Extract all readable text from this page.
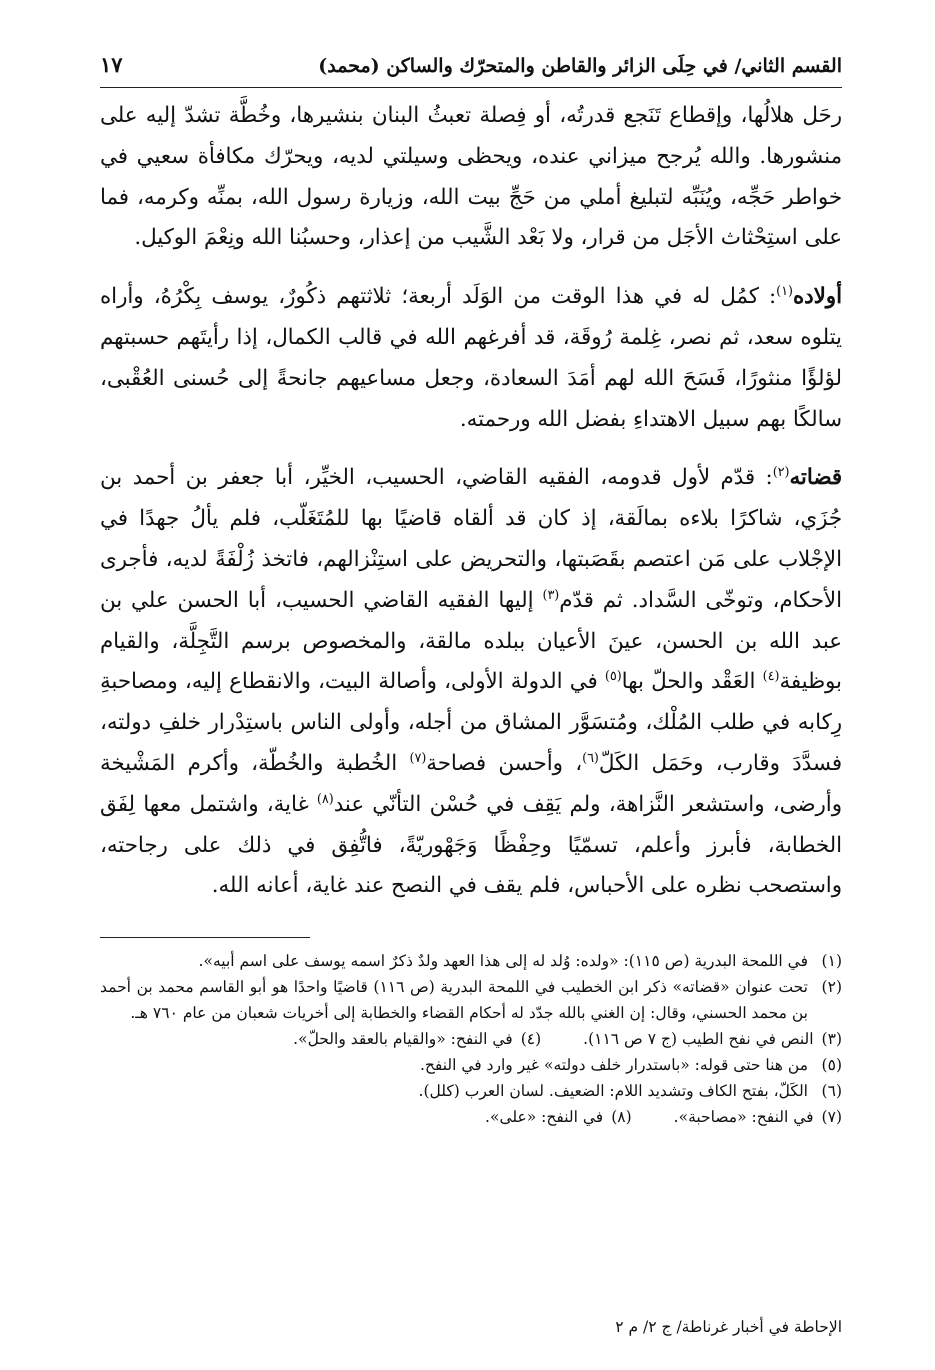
القسم الثاني/ في حِلَى الزائر والقاطن والمتحرّك والساكن (محمد)
١٧

رحَل هلالُها، وإقطاع تَنَجع قدرتُه، أو فِصلة تعبثُ البنان بنشيرها، وخُطَّة تشدّ إليه على منشورها. والله يُرجح ميزاني عنده، ويحظى وسيلتي لديه، ويحرّك مكافأة سعيي في خواطر حَجِّه، ويُنَبِّه لتبليغ أملي من حَجِّ بيت الله، وزيارة رسول الله، بمنِّه وكرمه، فما على استِحْثاث الأجَل من قرار، ولا بَعْد الشَّيب من إعذار، وحسبُنا الله ونِعْمَ الوكيل.

أولاده$^{(١)}$: كمُل له في هذا الوقت من الوَلَد أربعة؛ ثلاثتهم ذكُورٌ، يوسف بِكْرُهُ، وأراه يتلوه سعد، ثم نصر، غِلمة رُوقَة، قد أفرغهم الله في قالب الكمال، إذا رأيتَهم حسبتهم لؤلؤًا منثورًا، فَسَحَ الله لهم أمَدَ السعادة، وجعل مساعيهم جانحةً إلى حُسنى العُقْبى، سالكًا بهم سبيل الاهتداءِ بفضل الله ورحمته.

قضاته$^{(٢)}$: قدّم لأول قدومه، الفقيه القاضي، الحسيب، الخيِّر، أبا جعفر بن أحمد بن جُزَي، شاكرًا بلاءه بمالَقة، إذ كان قد ألقاه قاضيًا بها للمُتَغَلّب، فلم يألُ جهدًا في الإجْلاب على مَن اعتصم بقَصَبتها، والتحريض على استِنْزالهم، فاتخذ زُلْفَةً لديه، فأجرى الأحكام، وتوخّى السَّداد. ثم قدّم$^{(٣)}$ إليها الفقيه القاضي الحسيب، أبا الحسن علي بن عبد الله بن الحسن، عينَ الأعيان ببلده مالقة، والمخصوص برسم التَّجِلَّة، والقيام بوظيفة$^{(٤)}$ العَقْد والحلّ بها$^{(٥)}$ في الدولة الأولى، وأصالة البيت، والانقطاع إليه، ومصاحبةِ رِكابه في طلب المُلْك، ومُتسَوَّر المشاق من أجله، وأولى الناس باستِدْرار خلفِ دولته، فسدَّدَ وقارب، وحَمَل الكَلّ$^{(٦)}$، وأحسن فصاحة$^{(٧)}$ الخُطبة والخُطّة، وأكرم المَشْيخة وأرضى، واستشعر النَّزاهة، ولم يَقِف في حُسْن التأنّي عند$^{(٨)}$ غاية، واشتمل معها لِفَق الخطابة، فأبرز وأعلم، تسمّيًا وحِفْظًا وَجَهْوريّةً، فاتُّفِق في ذلك على رجاحته، واستصحب نظره على الأحباس، فلم يقف في النصح عند غاية، أعانه الله.

(١)
في اللمحة البدرية (ص ١١٥): «ولده: وُلد له إلى هذا العهد ولدٌ ذكرٌ اسمه يوسف على اسم أبيه».
(٢)
تحت عنوان «قضاته» ذكر ابن الخطيب في اللمحة البدرية (ص ١١٦) قاضيًا واحدًا هو أبو القاسم محمد بن أحمد بن محمد الحسني، وقال: إن الغني بالله جدّد له أحكام القضاء والخطابة إلى أخريات شعبان من عام ٧٦٠ هـ.
(٣)
النص في نفح الطيب (ج ٧ ص ١١٦).
(٤)
في النفح: «والقيام بالعقد والحلّ».
(٥)
من هنا حتى قوله: «باستدرار خلف دولته» غير وارد في النفح.
(٦)
الكَلّ، بفتح الكاف وتشديد اللام: الضعيف. لسان العرب (كلل).
(٧)
في النفح: «مصاحبة».
(٨)
في النفح: «على».
الإحاطة في أخبار غرناطة/ ج ٢/ م ٢
